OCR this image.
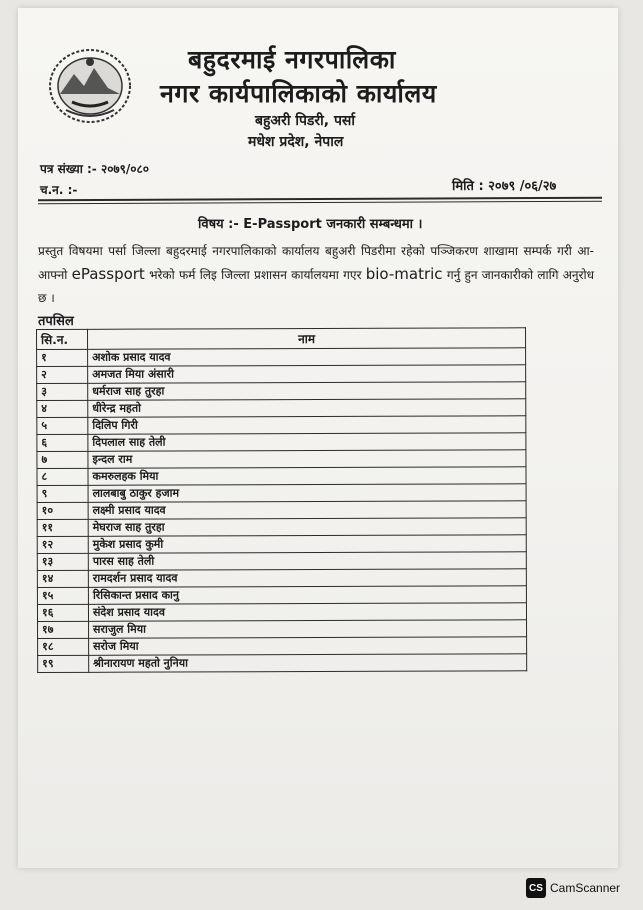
बहुदरमाई नगरपालिका
नगर कार्यपालिकाको कार्यालय
बहुअरी पिडरी, पर्सा
मधेश प्रदेश, नेपाल
पत्र संख्या :- २०७९/०८०
च.न. :-	मिति : २०७९ /०६/२७
विषय :- E-Passport जनकारी सम्बन्धमा ।
प्रस्तुत विषयमा पर्सा जिल्ला बहुदरमाई नगरपालिकाको कार्यालय बहुअरी पिडरीमा रहेको पञ्जिकरण शाखामा सम्पर्क गरी आ-आफ्नो ePassport भरेको फर्म लिइ जिल्ला प्रशासन कार्यालयमा गएर bio-matric गर्नु हुन जानकारीको लागि अनुरोध छ ।
तपसिल
सि.न.	नाम
१	अशोक प्रसाद यादव
२	अमजत मिया अंसारी
३	धर्मराज साह तुरहा
४	धीरेन्द्र महतो
५	दिलिप गिरी
६	दिपलाल साह तेली
७	इन्दल राम
८	कमरुलहक मिया
९	लालबाबु ठाकुर हजाम
१०	लक्ष्मी प्रसाद यादव
११	मेघराज साह तुरहा
१२	मुकेश प्रसाद कुमी
१३	पारस साह तेली
१४	रामदर्शन प्रसाद यादव
१५	रिसिकान्त प्रसाद कानु
१६	संदेश प्रसाद यादव
१७	सराजुल मिया
१८	सरोज मिया
१९	श्रीनारायण महतो नुनिया
CS CamScanner
